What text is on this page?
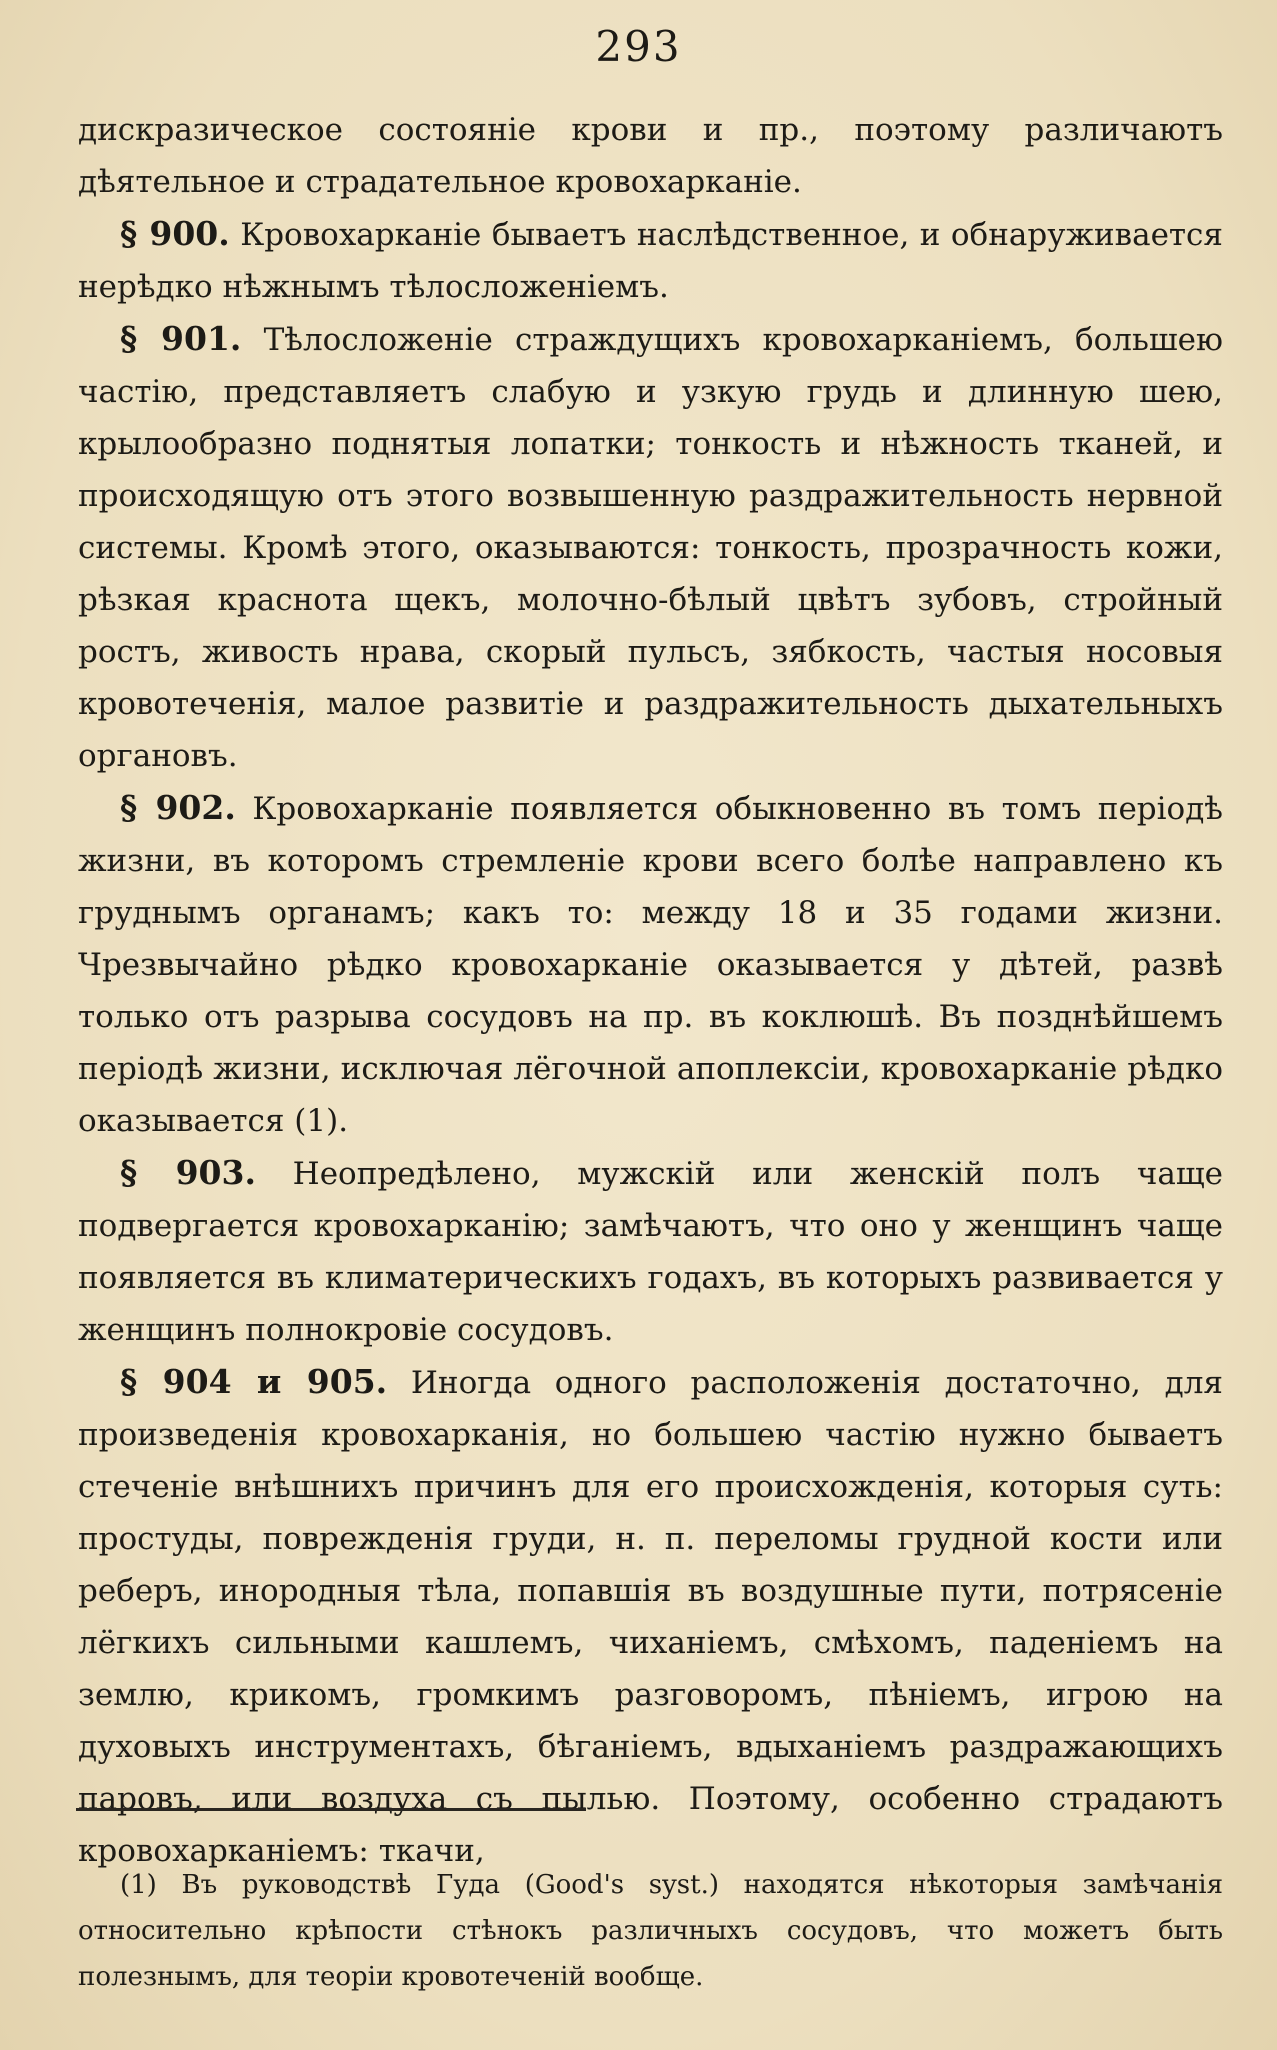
293

дискразическое состояніе крови и пр., поэтому различаютъ дѣятельное и страдательное кровохарканіе.

§ 900. Кровохарканіе бываетъ наслѣдственное, и обнаруживается нерѣдко нѣжнымъ тѣлосложеніемъ.

§ 901. Тѣлосложеніе страждущихъ кровохарканіемъ, большею частію, представляетъ слабую и узкую грудь и длинную шею, крылообразно поднятыя лопатки; тонкость и нѣжность тканей, и происходящую отъ этого возвышенную раздражительность нервной системы. Кромѣ этого, оказываются: тонкость, прозрачность кожи, рѣзкая краснота щекъ, молочно-бѣлый цвѣтъ зубовъ, стройный ростъ, живость нрава, скорый пульсъ, зябкость, частыя носовыя кровотеченія, малое развитіе и раздражительность дыхательныхъ органовъ.

§ 902. Кровохарканіе появляется обыкновенно въ томъ періодѣ жизни, въ которомъ стремленіе крови всего болѣе направлено къ груднымъ органамъ; какъ то: между 18 и 35 годами жизни. Чрезвычайно рѣдко кровохарканіе оказывается у дѣтей, развѣ только отъ разрыва сосудовъ на пр. въ коклюшѣ. Въ позднѣйшемъ періодѣ жизни, исключая лёгочной апоплексіи, кровохарканіе рѣдко оказывается (1).

§ 903. Неопредѣлено, мужскій или женскій полъ чаще подвергается кровохарканію; замѣчаютъ, что оно у женщинъ чаще появляется въ климатерическихъ годахъ, въ которыхъ развивается у женщинъ полнокровіе сосудовъ.

§ 904 и 905. Иногда одного расположенія достаточно, для произведенія кровохарканія, но большею частію нужно бываетъ стеченіе внѣшнихъ причинъ для его происхожденія, которыя суть: простуды, поврежденія груди, н. п. переломы грудной кости или реберъ, инородныя тѣла, попавшія въ воздушные пути, потрясеніе лёгкихъ сильными кашлемъ, чиханіемъ, смѣхомъ, паденіемъ на землю, крикомъ, громкимъ разговоромъ, пѣніемъ, игрою на духовыхъ инструментахъ, бѣганіемъ, вдыханіемъ раздражающихъ паровъ, или воздуха съ пылью. Поэтому, особенно страдаютъ кровохарканіемъ: ткачи,

(1) Въ руководствѣ Гуда (Good's syst.) находятся нѣкоторыя замѣчанія относительно крѣпости стѣнокъ различныхъ сосудовъ, что можетъ быть полезнымъ, для теоріи кровотеченій вообще.
